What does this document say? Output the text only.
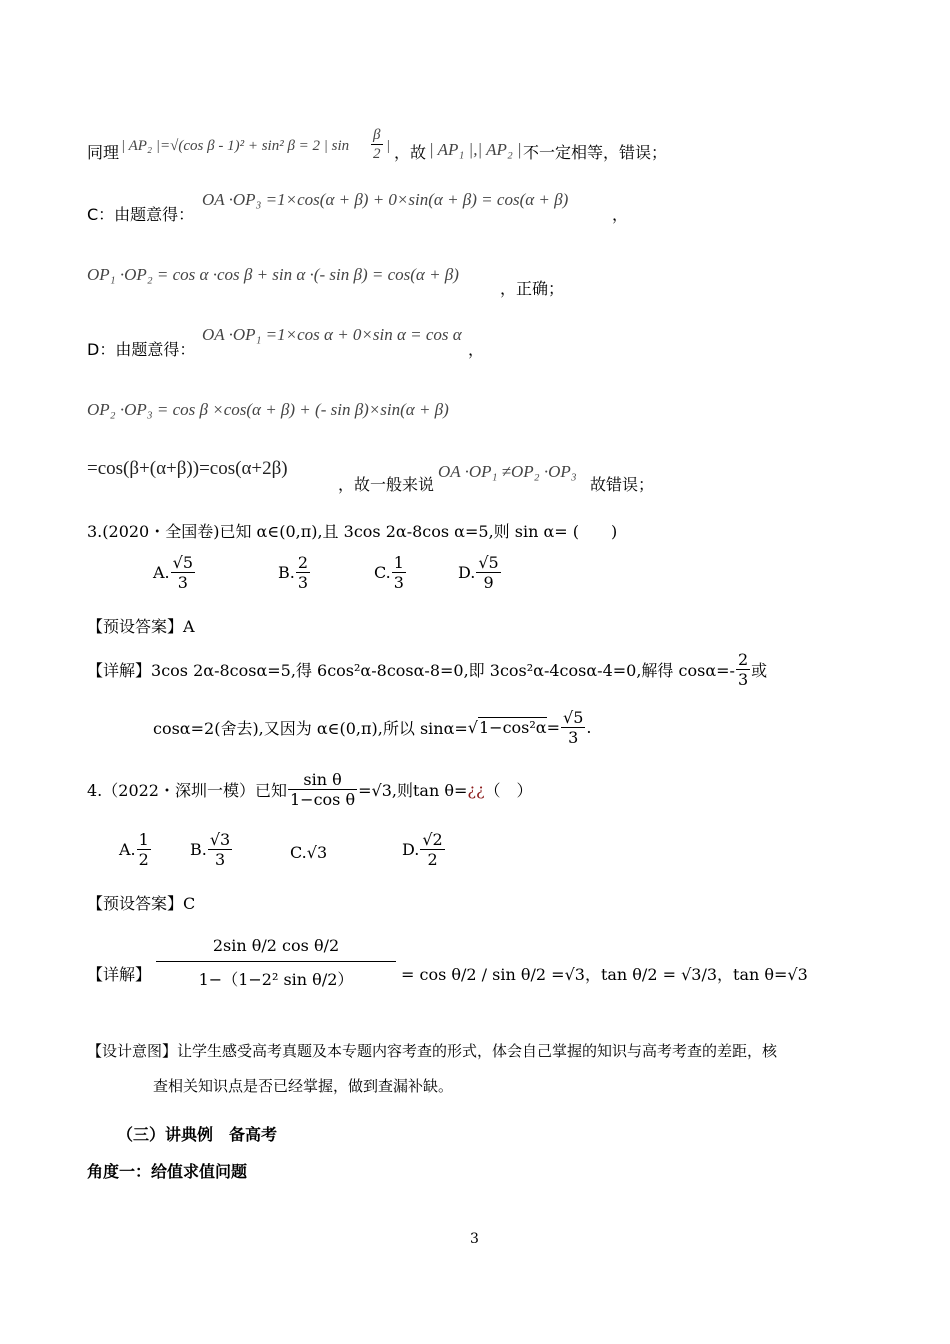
同理 | AP₂ |=√(cos β - 1)² + sin² β = 2 | $\sin \frac{\beta}{2}$ | ，故 | AP₁ |,| AP₂ | 不一定相等，错误；
C：由题意得：
OA ·OP₃ =1×cos(α + β) + 0×sin(α + β) = cos(α + β)
，
OP₁ ·OP₂ = cos α ·cos β + sin α ·(- sin β) = cos(α + β)
，正确；
D：由题意得：
OA ·OP₁ =1×cos α + 0×sin α = cos α
，
OP₂ ·OP₃ = cos β ×cos(α + β) + (- sin β)×sin(α + β)
=cos(β+(α+β))=cos(α+2β)
，故一般来说
OA ·OP₁ ≠OP₂ ·OP₃
故错误；
3.(2020・全国卷)已知 α∈(0,π),且 3cos 2α-8cos α=5,则 sin α= (　　)
A. $\frac{√5}{3}$	B. $\frac{2}{3}$	C. $\frac{1}{3}$	D. $\frac{√5}{9}$
【预设答案】A
【详解】3cos 2α-8cosα=5,得 6cos²α-8cosα-8=0,即 3cos²α-4cosα-4=0,解得 $\cos\alpha=- \frac{2}{3}$ 或
cosα=2(舍去),又因为 α∈(0,π),所以 $\sin\alpha=√1-\cos^2\alpha= \frac{√5}{3}$ .
4.（2022・深圳一模）已知 $\frac{\text{sin θ}}{\text{1−cos θ}} =√3$,则tan θ=¿¿（　）
A. $\frac{1}{2} B$. $\frac{√3}{3}$	C.√3	D. $\frac{√2}{2}$
【预设答案】C
【详解】 $\frac{\text{2sin θ/2 cos θ/2}}{\text{1−（1−2² sin θ/2）}} = \cos \theta/2 / \sin \theta/2 =√3$，tan θ/2 = √3/3，tan θ=√3
【设计意图】让学生感受高考真题及本专题内容考查的形式，体会自己掌握的知识与高考考查的差距，核
查相关知识点是否已经掌握，做到查漏补缺。
（三）讲典例　备高考
角度一：给值求值问题
3
